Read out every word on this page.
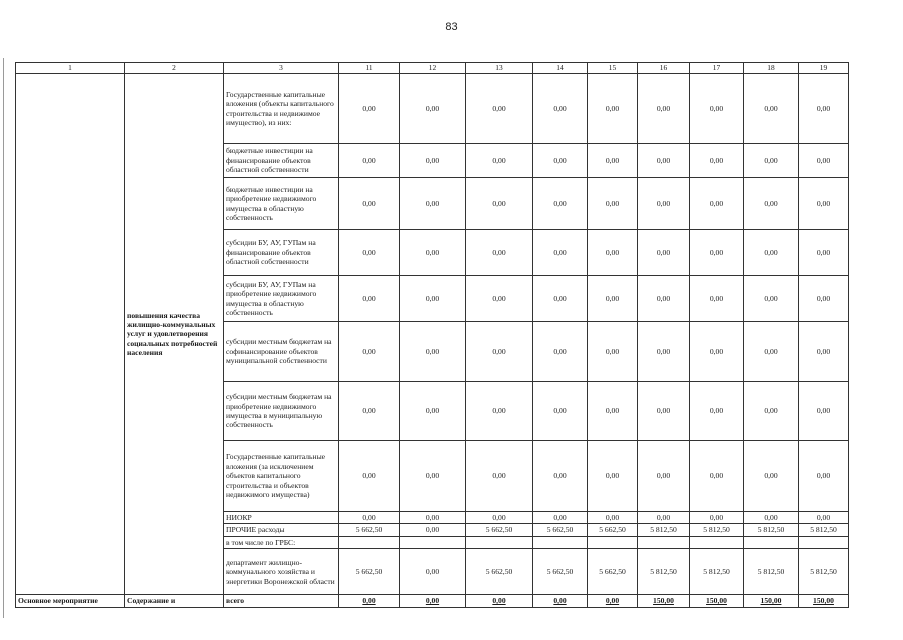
83
1	2	3	11	12	13	14	15	16	17	18	19
	повышения качества жилищно-коммунальных услуг и удовлетворения социальных потребностей населения	Государственные капитальные вложения (объекты капитального строительства и недвижимое имущество), из них:	0,00	0,00	0,00	0,00	0,00	0,00	0,00	0,00	0,00
		бюджетные инвестиции на финансирование объектов областной собственности	0,00	0,00	0,00	0,00	0,00	0,00	0,00	0,00	0,00
		бюджетные инвестиции на приобретение недвижимого имущества в областную собственность	0,00	0,00	0,00	0,00	0,00	0,00	0,00	0,00	0,00
		субсидии БУ, АУ, ГУПам на финансирование объектов областной собственности	0,00	0,00	0,00	0,00	0,00	0,00	0,00	0,00	0,00
		субсидии БУ, АУ, ГУПам на приобретение недвижимого имущества в областную собственность	0,00	0,00	0,00	0,00	0,00	0,00	0,00	0,00	0,00
		субсидии местным бюджетам на софинансирование объектов муниципальной собственности	0,00	0,00	0,00	0,00	0,00	0,00	0,00	0,00	0,00
		субсидии местным бюджетам на приобретение недвижимого имущества в муниципальную собственность	0,00	0,00	0,00	0,00	0,00	0,00	0,00	0,00	0,00
		Государственные капитальные вложения (за исключением объектов капитального строительства и объектов недвижимого имущества)	0,00	0,00	0,00	0,00	0,00	0,00	0,00	0,00	0,00
		НИОКР	0,00	0,00	0,00	0,00	0,00	0,00	0,00	0,00	0,00
		ПРОЧИЕ расходы	5 662,50	0,00	5 662,50	5 662,50	5 662,50	5 812,50	5 812,50	5 812,50	5 812,50
		в том числе по ГРБС:									
		департамент жилищно-коммунального хозяйства и энергетики Воронежской области	5 662,50	0,00	5 662,50	5 662,50	5 662,50	5 812,50	5 812,50	5 812,50	5 812,50
Основное мероприятие	Содержание и	всего	0,00	0,00	0,00	0,00	0,00	150,00	150,00	150,00	150,00
